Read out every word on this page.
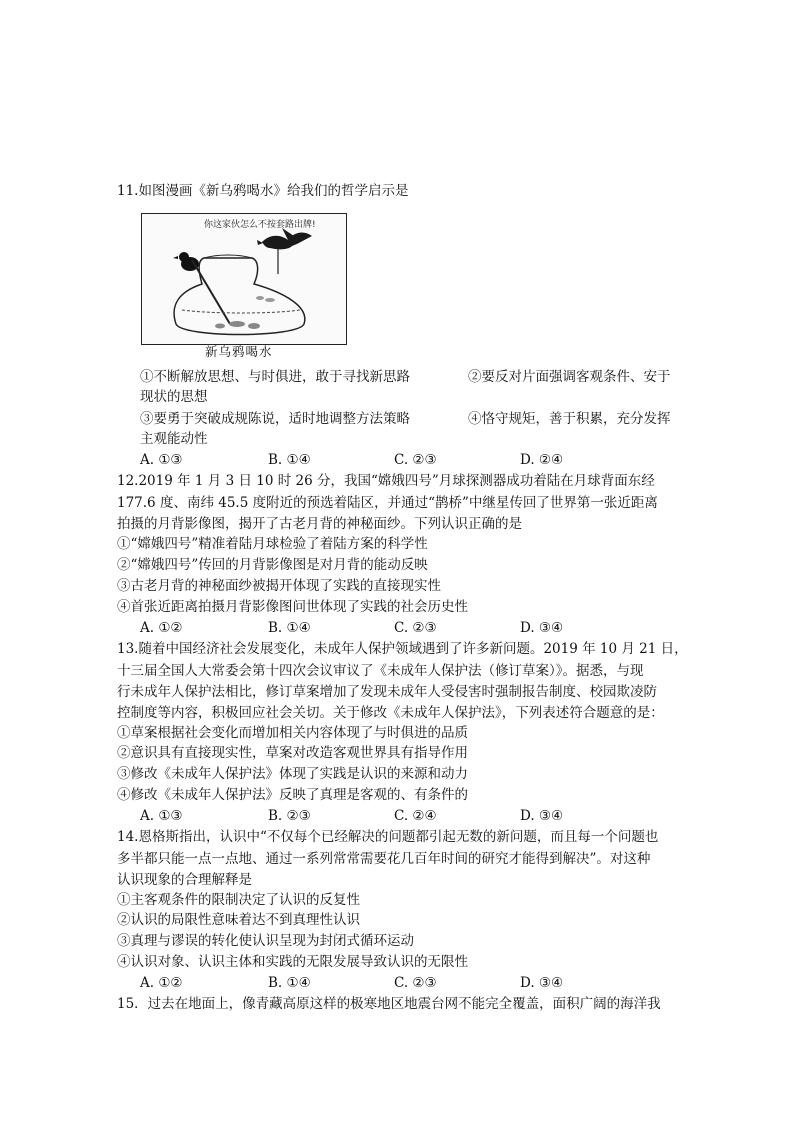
11.如图漫画《新乌鸦喝水》给我们的哲学启示是
你这家伙怎么不按套路出牌!
新乌鸦喝水
①不断解放思想、与时俱进，敢于寻找新思路	②要反对片面强调客观条件、安于
现状的思想
③要勇于突破成规陈说，适时地调整方法策略	④恪守规矩，善于积累，充分发挥
主观能动性
A. ①③	B. ①④	C. ②③	D. ②④
12.2019 年 1 月 3 日 10 时 26 分，我国“嫦娥四号”月球探测器成功着陆在月球背面东经
177.6 度、南纬 45.5 度附近的预选着陆区，并通过“鹊桥”中继星传回了世界第一张近距离
拍摄的月背影像图，揭开了古老月背的神秘面纱。下列认识正确的是
①“嫦娥四号”精准着陆月球检验了着陆方案的科学性
②“嫦娥四号”传回的月背影像图是对月背的能动反映
③古老月背的神秘面纱被揭开体现了实践的直接现实性
④首张近距离拍摄月背影像图问世体现了实践的社会历史性
A. ①②	B. ①④	C. ②③	D. ③④
13.随着中国经济社会发展变化，未成年人保护领域遇到了许多新问题。2019 年 10 月 21 日，
十三届全国人大常委会第十四次会议审议了《未成年人保护法（修订草案）》。据悉，与现
行未成年人保护法相比，修订草案增加了发现未成年人受侵害时强制报告制度、校园欺凌防
控制度等内容，积极回应社会关切。关于修改《未成年人保护法》，下列表述符合题意的是：
①草案根据社会变化而增加相关内容体现了与时俱进的品质
②意识具有直接现实性，草案对改造客观世界具有指导作用
③修改《未成年人保护法》体现了实践是认识的来源和动力
④修改《未成年人保护法》反映了真理是客观的、有条件的
A. ①③	B. ②③	C. ②④	D. ③④
14.恩格斯指出，认识中“不仅每个已经解决的问题都引起无数的新问题，而且每一个问题也
多半都只能一点一点地、通过一系列常常需要花几百年时间的研究才能得到解决”。对这种
认识现象的合理解释是
①主客观条件的限制决定了认识的反复性
②认识的局限性意味着达不到真理性认识
③真理与谬误的转化使认识呈现为封闭式循环运动
④认识对象、认识主体和实践的无限发展导致认识的无限性
A. ①②	B. ①④	C. ②③	D. ③④
15．过去在地面上，像青藏高原这样的极寒地区地震台网不能完全覆盖，面积广阔的海洋我
